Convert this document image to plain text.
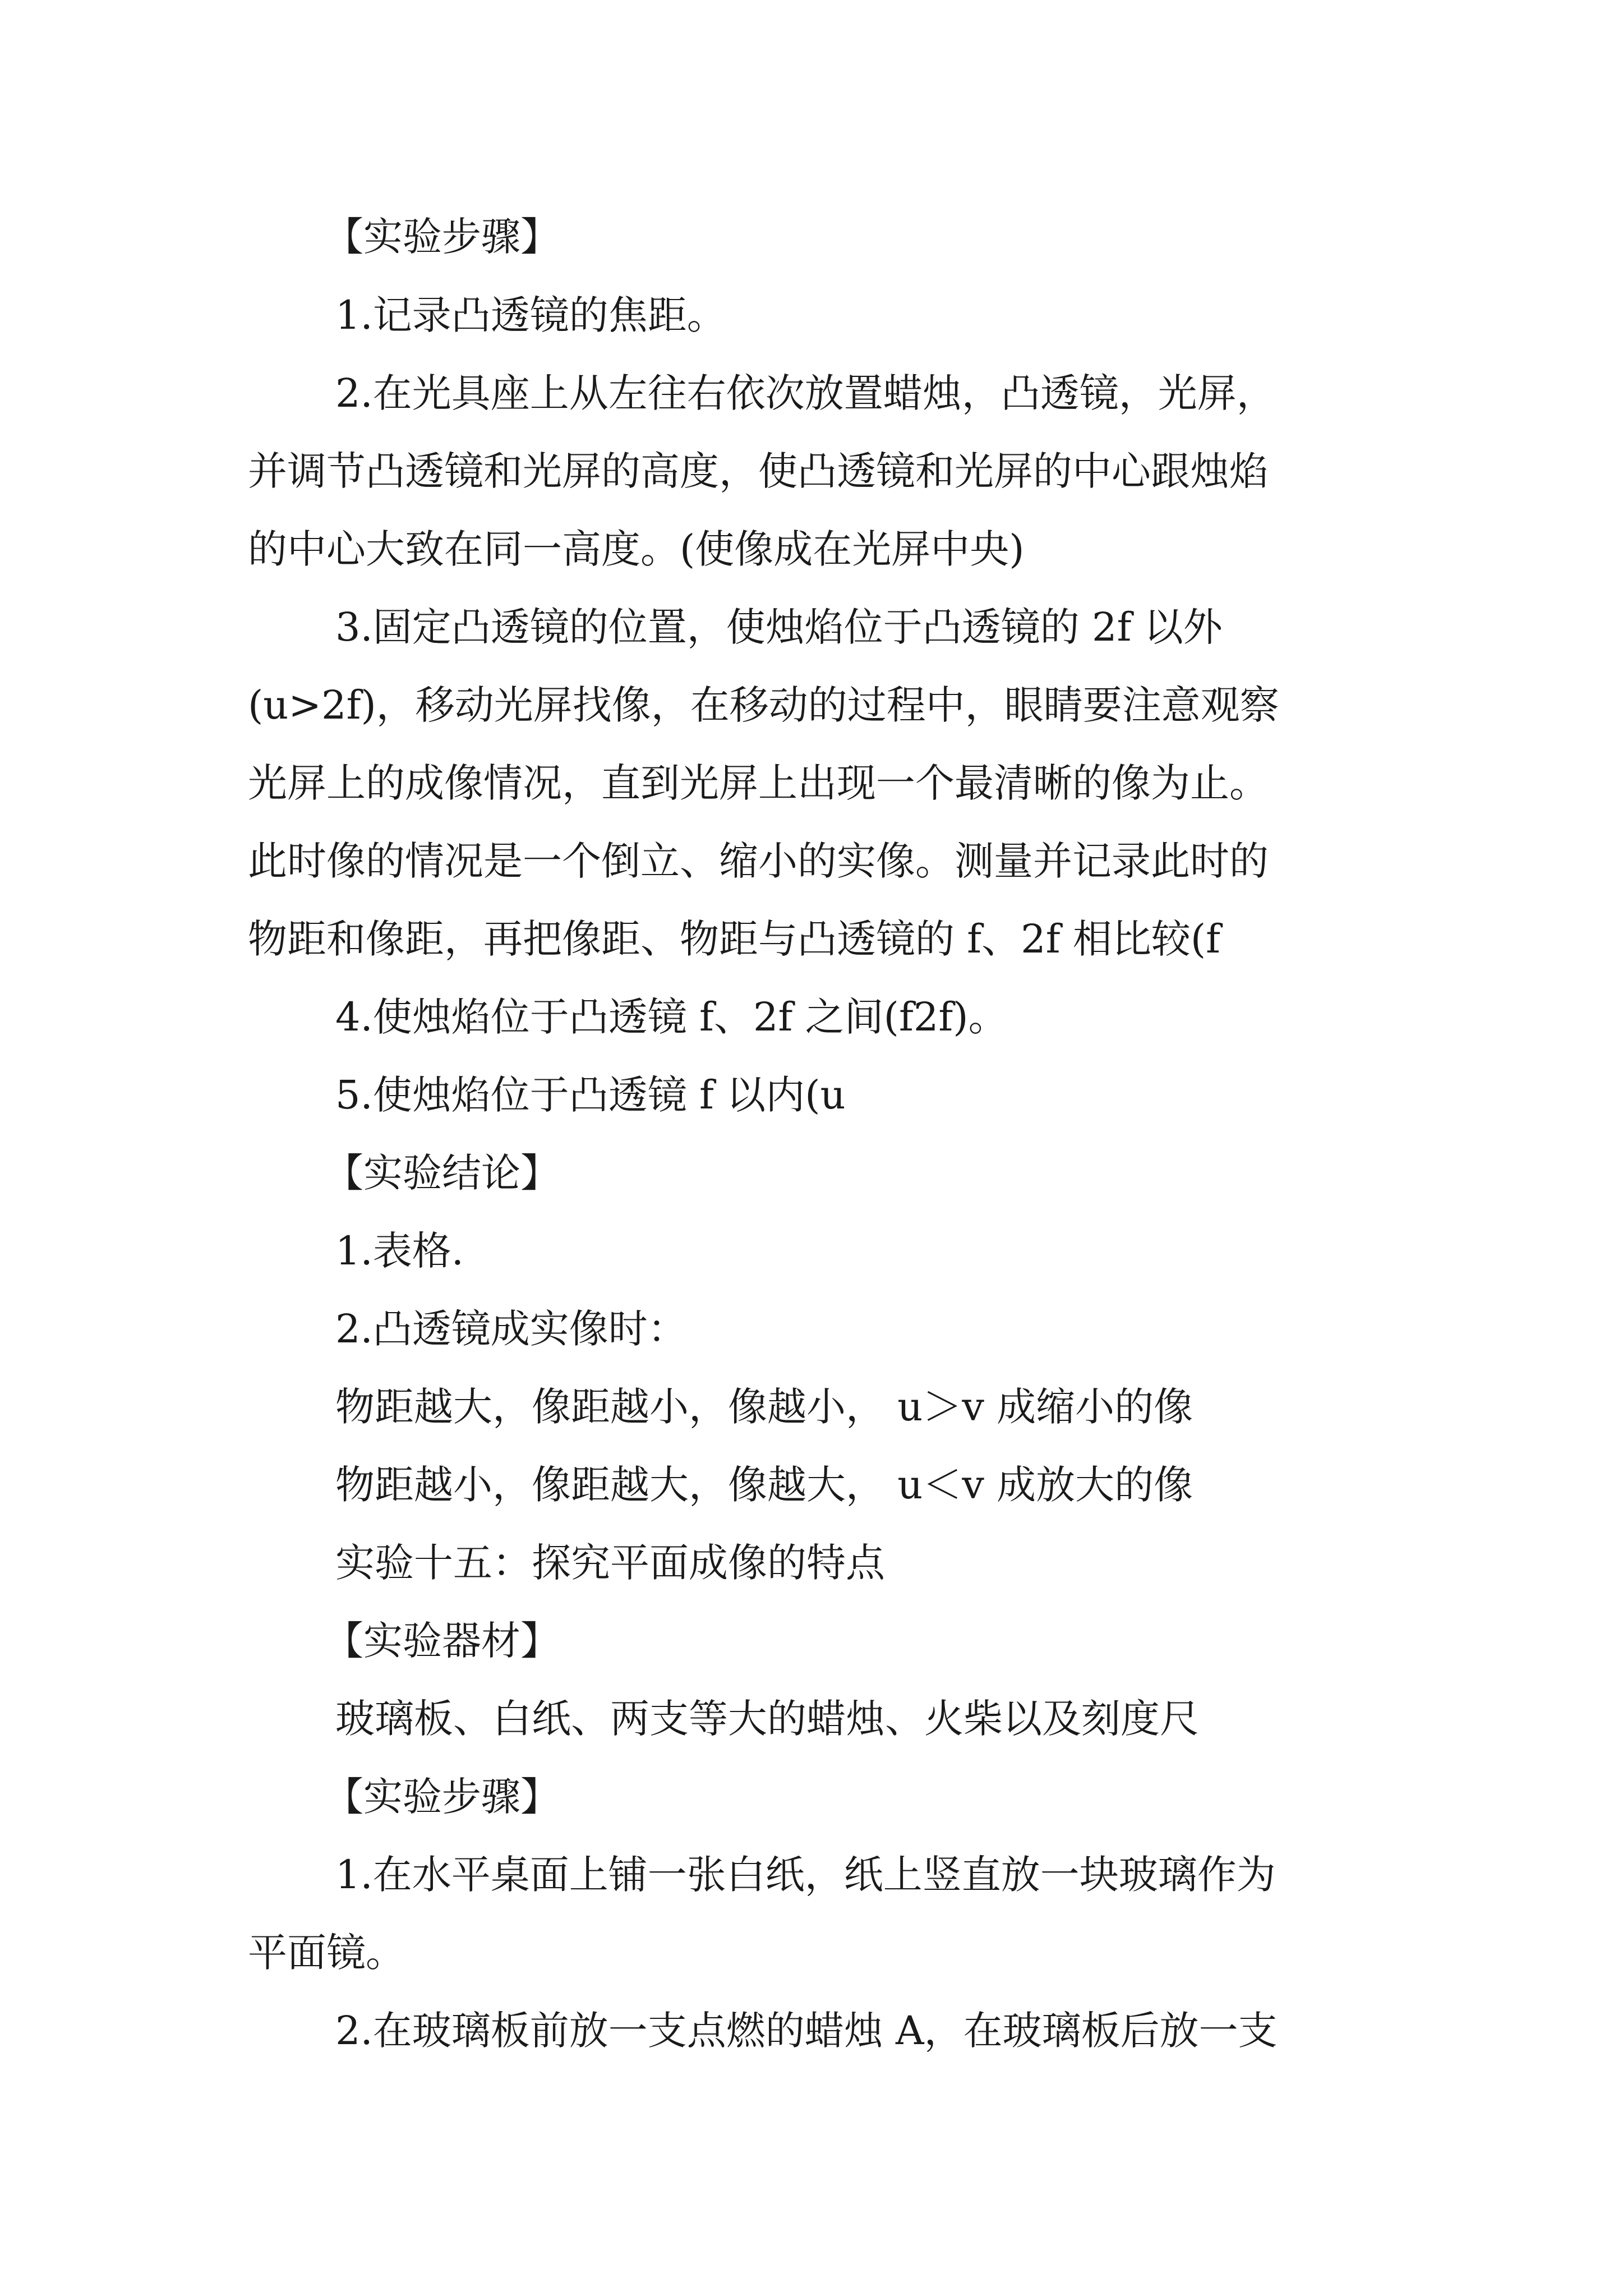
【实验步骤】
1.记录凸透镜的焦距。
2.在光具座上从左往右依次放置蜡烛，凸透镜，光屏，
并调节凸透镜和光屏的高度，使凸透镜和光屏的中心跟烛焰
的中心大致在同一高度。(使像成在光屏中央)
3.固定凸透镜的位置，使烛焰位于凸透镜的 2f 以外
(u>2f)，移动光屏找像，在移动的过程中，眼睛要注意观察
光屏上的成像情况，直到光屏上出现一个最清晰的像为止。
此时像的情况是一个倒立、缩小的实像。测量并记录此时的
物距和像距，再把像距、物距与凸透镜的 f、2f 相比较(f
4.使烛焰位于凸透镜 f、2f 之间(f2f)。
5.使烛焰位于凸透镜 f 以内(u
【实验结论】
1.表格.
2.凸透镜成实像时：
物距越大，像距越小，像越小， u＞v 成缩小的像
物距越小，像距越大，像越大， u＜v 成放大的像
实验十五：探究平面成像的特点
【实验器材】
玻璃板、白纸、两支等大的蜡烛、火柴以及刻度尺
【实验步骤】
1.在水平桌面上铺一张白纸，纸上竖直放一块玻璃作为
平面镜。
2.在玻璃板前放一支点燃的蜡烛 A，在玻璃板后放一支
